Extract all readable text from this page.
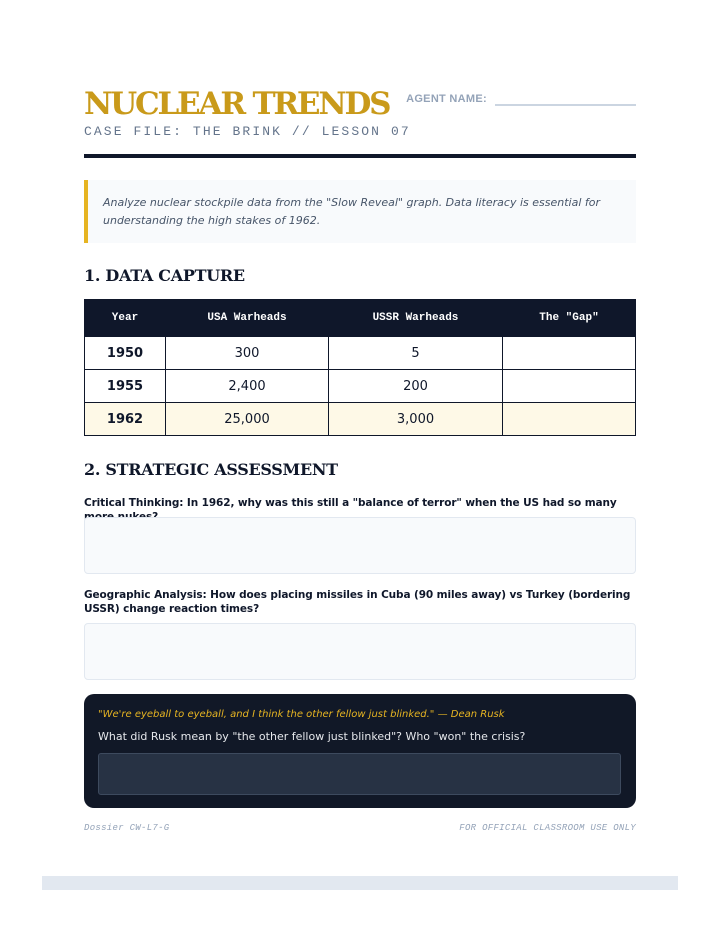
NUCLEAR TRENDS
CASE FILE: THE BRINK // LESSON 07
AGENT NAME:

Analyze nuclear stockpile data from the "Slow Reveal" graph. Data literacy is essential for understanding the high stakes of 1962.

1. DATA CAPTURE
Year	USA Warheads	USSR Warheads	The "Gap"
1950	300	5	
1955	2,400	200	
1962	25,000	3,000	
2. STRATEGIC ASSESSMENT
Critical Thinking: In 1962, why was this still a "balance of terror" when the US had so many
Geographic Analysis: How does placing missiles in Cuba (90 miles away) vs Turkey (bordering USSR) change reaction times?
"We're eyeball to eyeball, and I think the other fellow just blinked." — Dean Rusk
What did Rusk mean by "the other fellow just blinked"? Who "won" the crisis?
Dossier CW-L7-G	FOR OFFICIAL CLASSROOM USE ONLY
